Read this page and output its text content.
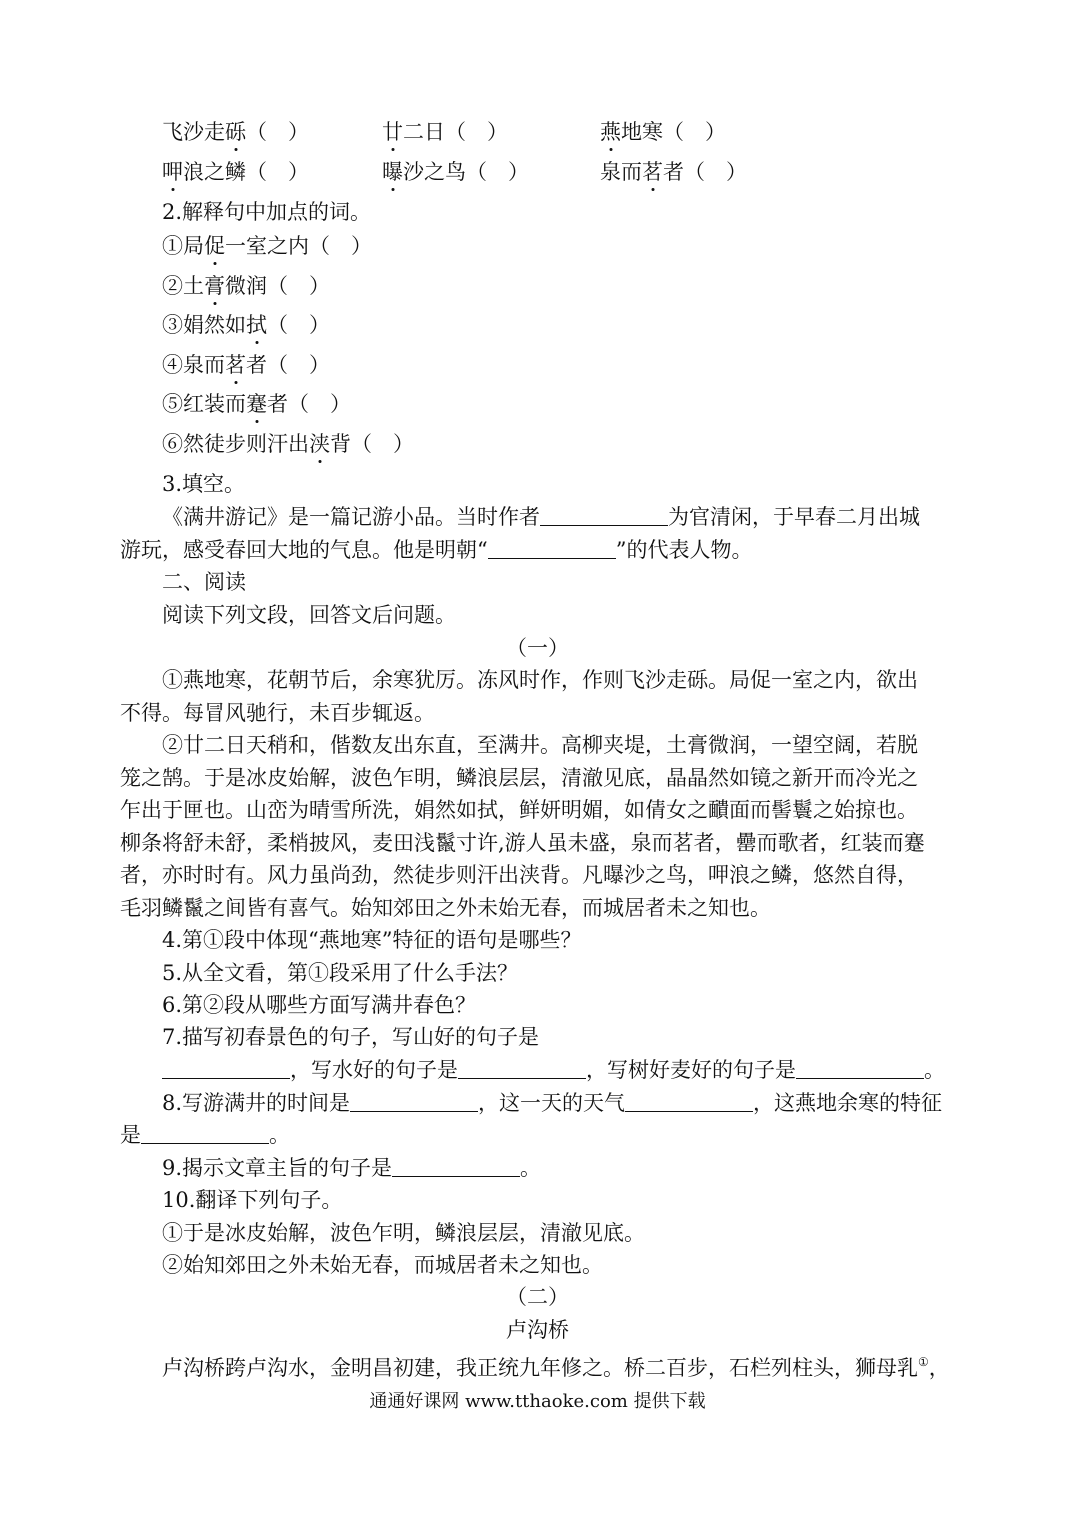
飞沙走砾（　）	廿二日（　）	燕地寒（　）
呷浪之鳞（　）	曝沙之鸟（　）	泉而茗者（　）
2.解释句中加点的词。
①局促一室之内（　）
②土膏微润（　）
③娟然如拭（　）
④泉而茗者（　）
⑤红装而蹇者（　）
⑥然徒步则汗出浃背（　）
3.填空。
《满井游记》是一篇记游小品。当时作者	为官清闲，于早春二月出城
游玩，感受春回大地的气息。他是明朝“	”的代表人物。
二、阅读
阅读下列文段，回答文后问题。
（一）
①燕地寒，花朝节后，余寒犹厉。冻风时作，作则飞沙走砾。局促一室之内，欲出
不得。每冒风驰行，未百步辄返。
②廿二日天稍和，偕数友出东直，至满井。高柳夹堤，土膏微润，一望空阔，若脱
笼之鹄。于是冰皮始解，波色乍明，鳞浪层层，清澈见底，晶晶然如镜之新开而冷光之
乍出于匣也。山峦为晴雪所洗，娟然如拭，鲜妍明媚，如倩女之靧面而髻鬟之始掠也。
柳条将舒未舒，柔梢披风，麦田浅鬣寸许,游人虽未盛，泉而茗者，罍而歌者，红装而蹇
者，亦时时有。风力虽尚劲，然徒步则汗出浃背。凡曝沙之鸟，呷浪之鳞，悠然自得，
毛羽鳞鬣之间皆有喜气。始知郊田之外未始无春，而城居者未之知也。
4.第①段中体现“燕地寒”特征的语句是哪些？
5.从全文看，第①段采用了什么手法？
6.第②段从哪些方面写满井春色？
7.描写初春景色的句子，写山好的句子是
，写水好的句子是	，写树好麦好的句子是	。
8.写游满井的时间是	，这一天的天气	，这燕地余寒的特征
是	。
9.揭示文章主旨的句子是	。
10.翻译下列句子。
①于是冰皮始解，波色乍明，鳞浪层层，清澈见底。
②始知郊田之外未始无春，而城居者未之知也。
（二）
卢沟桥
卢沟桥跨卢沟水，金明昌初建，我正统九年修之。桥二百步，石栏列柱头，狮母乳①，
通通好课网 www.tthaoke.com 提供下载
